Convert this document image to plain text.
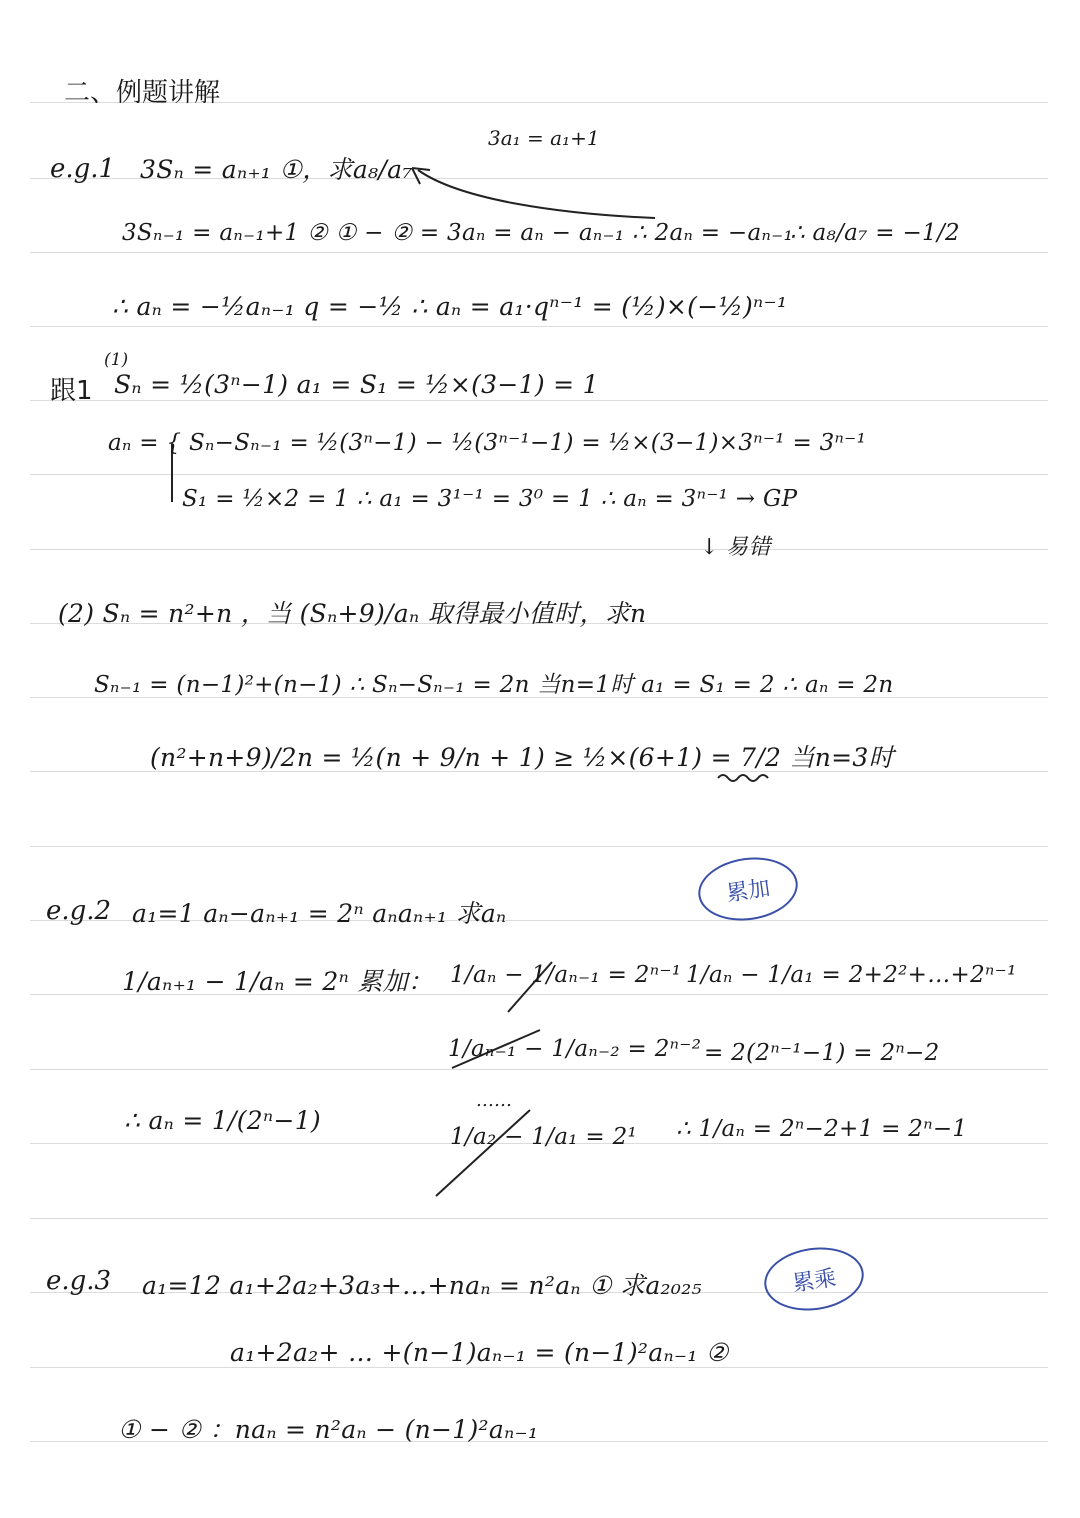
二、例题讲解
e.g.1 3Sₙ = aₙ₊₁ ①，求a₈/a₇
3a₁ = a₁+1
3Sₙ₋₁ = aₙ₋₁+1 ② ① − ② = 3aₙ = aₙ − aₙ₋₁ ∴ 2aₙ = −aₙ₋₁
∴ a₈/a₇ = −1/2
∴ aₙ = −½aₙ₋₁ q = −½ ∴ aₙ = a₁·qⁿ⁻¹ = (½)×(−½)ⁿ⁻¹
(1)
跟1 Sₙ = ½(3ⁿ−1) a₁ = S₁ = ½×(3−1) = 1
aₙ = { Sₙ−Sₙ₋₁ = ½(3ⁿ−1) − ½(3ⁿ⁻¹−1) = ½×(3−1)×3ⁿ⁻¹ = 3ⁿ⁻¹
S₁ = ½×2 = 1 ∴ a₁ = 3¹⁻¹ = 3⁰ = 1 ∴ aₙ = 3ⁿ⁻¹ → GP
↓ 易错
(2) Sₙ = n²+n ，当 (Sₙ+9)/aₙ 取得最小值时，求n
Sₙ₋₁ = (n−1)²+(n−1) ∴ Sₙ−Sₙ₋₁ = 2n 当n=1时 a₁ = S₁ = 2 ∴ aₙ = 2n
(n²+n+9)/2n = ½(n + 9/n + 1) ≥ ½×(6+1) = 7/2 当n=3时
e.g.2 a₁=1 aₙ−aₙ₊₁ = 2ⁿ aₙaₙ₊₁ 求aₙ
累加
1/aₙ₊₁ − 1/aₙ = 2ⁿ 累加： 1/aₙ − 1/aₙ₋₁ = 2ⁿ⁻¹
1/aₙ₋₁ − 1/aₙ₋₂ = 2ⁿ⁻²
......
1/a₂ − 1/a₁ = 2¹
1/aₙ − 1/a₁ = 2+2²+…+2ⁿ⁻¹
= 2(2ⁿ⁻¹−1) = 2ⁿ−2
∴ 1/aₙ = 2ⁿ−2+1 = 2ⁿ−1
∴ aₙ = 1/(2ⁿ−1)
e.g.3 a₁=12 a₁+2a₂+3a₃+…+naₙ = n²aₙ ① 求a₂₀₂₅	累乘
a₁+2a₂+ … +(n−1)aₙ₋₁ = (n−1)²aₙ₋₁ ②
① − ② ：naₙ = n²aₙ − (n−1)²aₙ₋₁
